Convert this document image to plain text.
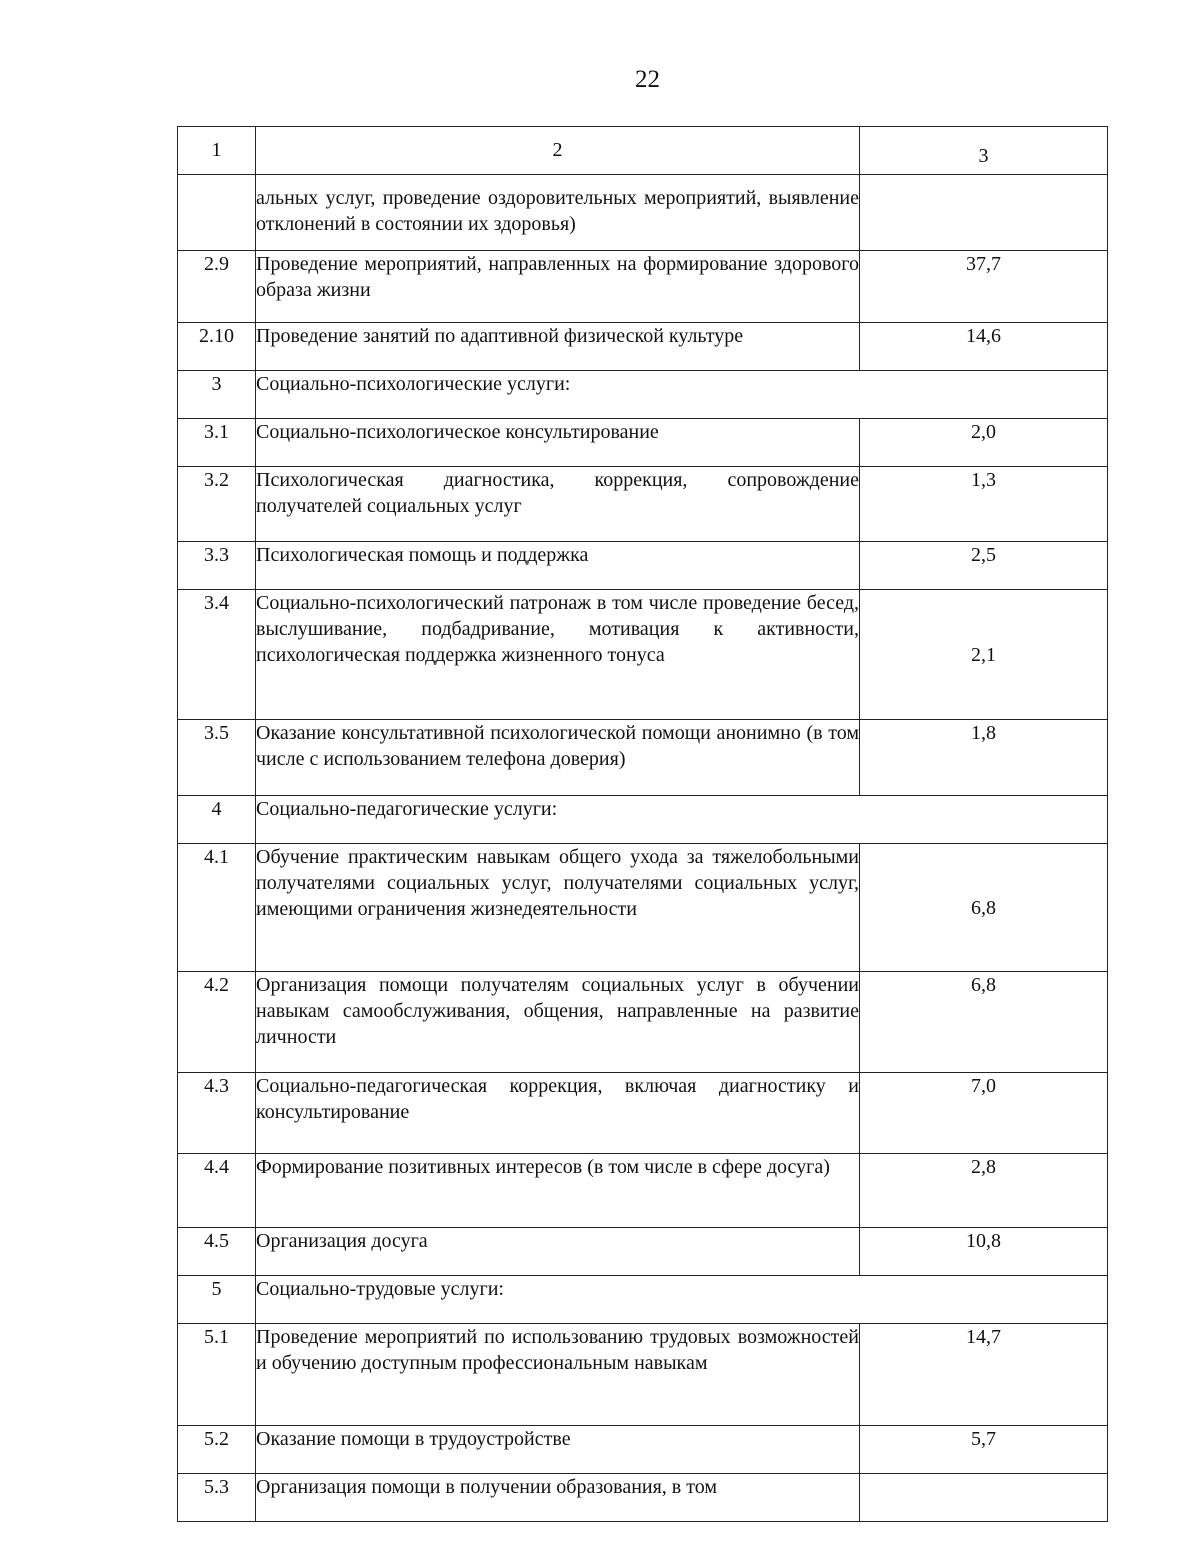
22
1	2	3
	альных услуг, проведение оздоровительных мероприятий, выявление отклонений в состоянии их здоровья)	
2.9	Проведение мероприятий, направленных на формирование здорового образа жизни	37,7
2.10	Проведение занятий по адаптивной физической культуре	14,6
3	Социально-психологические услуги:	
3.1	Социально-психологическое консультирование	2,0
3.2	Психологическая диагностика, коррекция, сопровождение получателей социальных услуг	1,3
3.3	Психологическая помощь и поддержка	2,5
3.4	Социально-психологический патронаж в том числе проведение бесед, выслушивание, подбадривание, мотивация к активности, психологическая поддержка жизненного тонуса	2,1
3.5	Оказание консультативной психологической помощи анонимно (в том числе с использованием телефона доверия)	1,8
4	Социально-педагогические услуги:	
4.1	Обучение практическим навыкам общего ухода за тяжелобольными получателями социальных услуг, получателями социальных услуг, имеющими ограничения жизнедеятельности	6,8
4.2	Организация помощи получателям социальных услуг в обучении навыкам самообслуживания, общения, направленные на развитие личности	6,8
4.3	Социально-педагогическая коррекция, включая диагностику и консультирование	7,0
4.4	Формирование позитивных интересов (в том числе в сфере досуга)	2,8
4.5	Организация досуга	10,8
5	Социально-трудовые услуги:	
5.1	Проведение мероприятий по использованию трудовых возможностей и обучению доступным профессиональным навыкам	14,7
5.2	Оказание помощи в трудоустройстве	5,7
5.3	Организация помощи в получении образования, в том	
